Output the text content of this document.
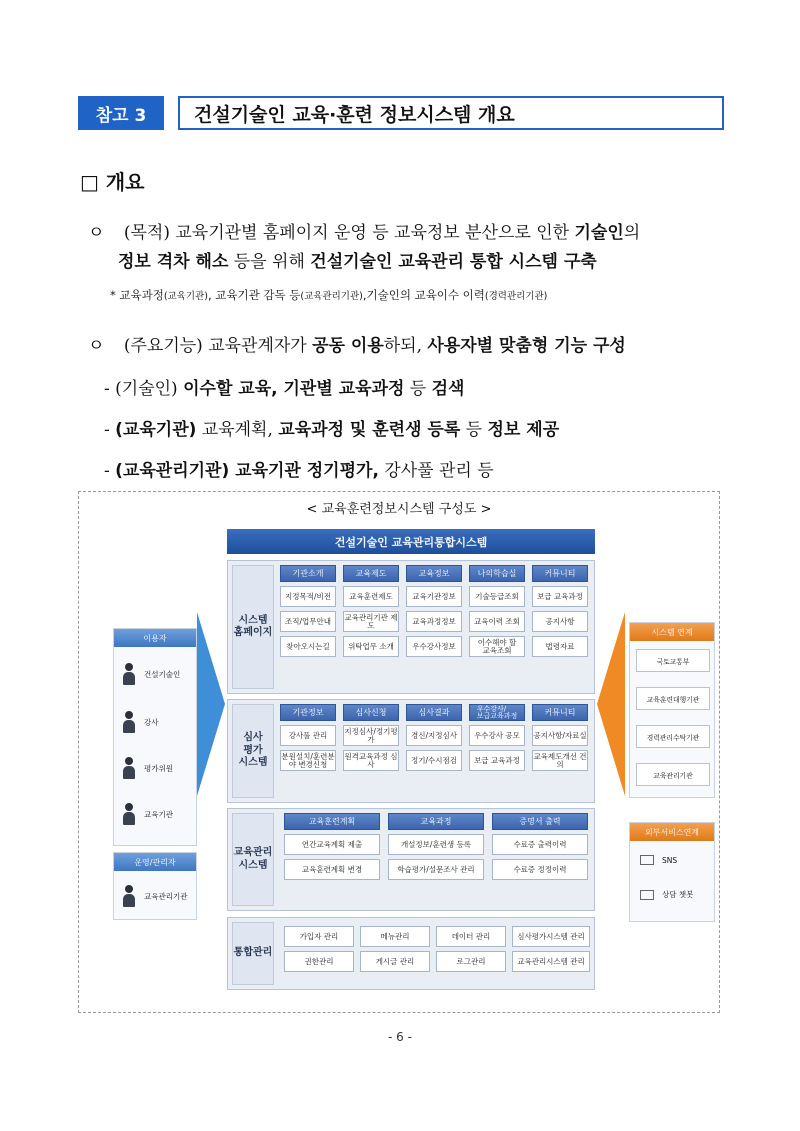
참고 3	건설기술인 교육·훈련 정보시스템 개요
□ 개요
ㅇ (목적) 교육기관별 홈페이지 운영 등 교육정보 분산으로 인한 기술인의
정보 격차 해소 등을 위해 건설기술인 교육관리 통합 시스템 구축
* 교육과정(교육기관), 교육기관 감독 등(교육관리기관),기술인의 교육이수 이력(경력관리기관)
ㅇ (주요기능) 교육관계자가 공동 이용하되, 사용자별 맞춤형 기능 구성
- (기술인) 이수할 교육, 기관별 교육과정 등 검색
- (교육기관) 교육계획, 교육과정 및 훈련생 등록 등 정보 제공
- (교육관리기관) 교육기관 정기평가, 강사풀 관리 등
< 교육훈련정보시스템 구성도 >
건설기술인 교육관리통합시스템
시스템
홈페이지
기관소개
지정목적/비전
조직/업무안내
찾아오시는길
교육제도
교육훈련제도
교육관리기관 제도
위탁업무 소개
교육정보
교육기관정보
교육과정정보
우수강사정보
나의학습실
기술등급조회
교육이력 조회
이수해야 할
교육조회
커뮤니티
보급 교육과정
공지사항
법령자료
심사
평가
시스템
기관정보
강사풀 관리
분원설치/훈련분
야 변경신청
심사신청
지정심사/정기평가
원격교육과정 심사
심사결과
경신/지정심사
정기/수시점검
우수강사/
보급교육과정
우수강사 공모
보급 교육과정
커뮤니티
공지사항/자료실
교육제도개선 건의
교육관리
시스템
교육훈련계획
연간교육계획 제출
교육훈련계획 변경
교육과정
개설정보/훈련생 등록
학습평가/설문조사 관리
증명서 출력
수료증 출력이력
수료증 정정이력
통합관리
가입자 관리
권한관리
메뉴관리
게시글 관리
데이터 관리
로그관리
심사평가시스템 관리
교육관리시스템 관리
이용자
건설기술인
강사
평가위원
교육기관
운영/관리자
교육관리기관
시스템 연계
국토교통부
교육훈련대행기관
경력관리수탁기관
교육관리기관
외부서비스연계
SNS
상담 챗봇
- 6 -
